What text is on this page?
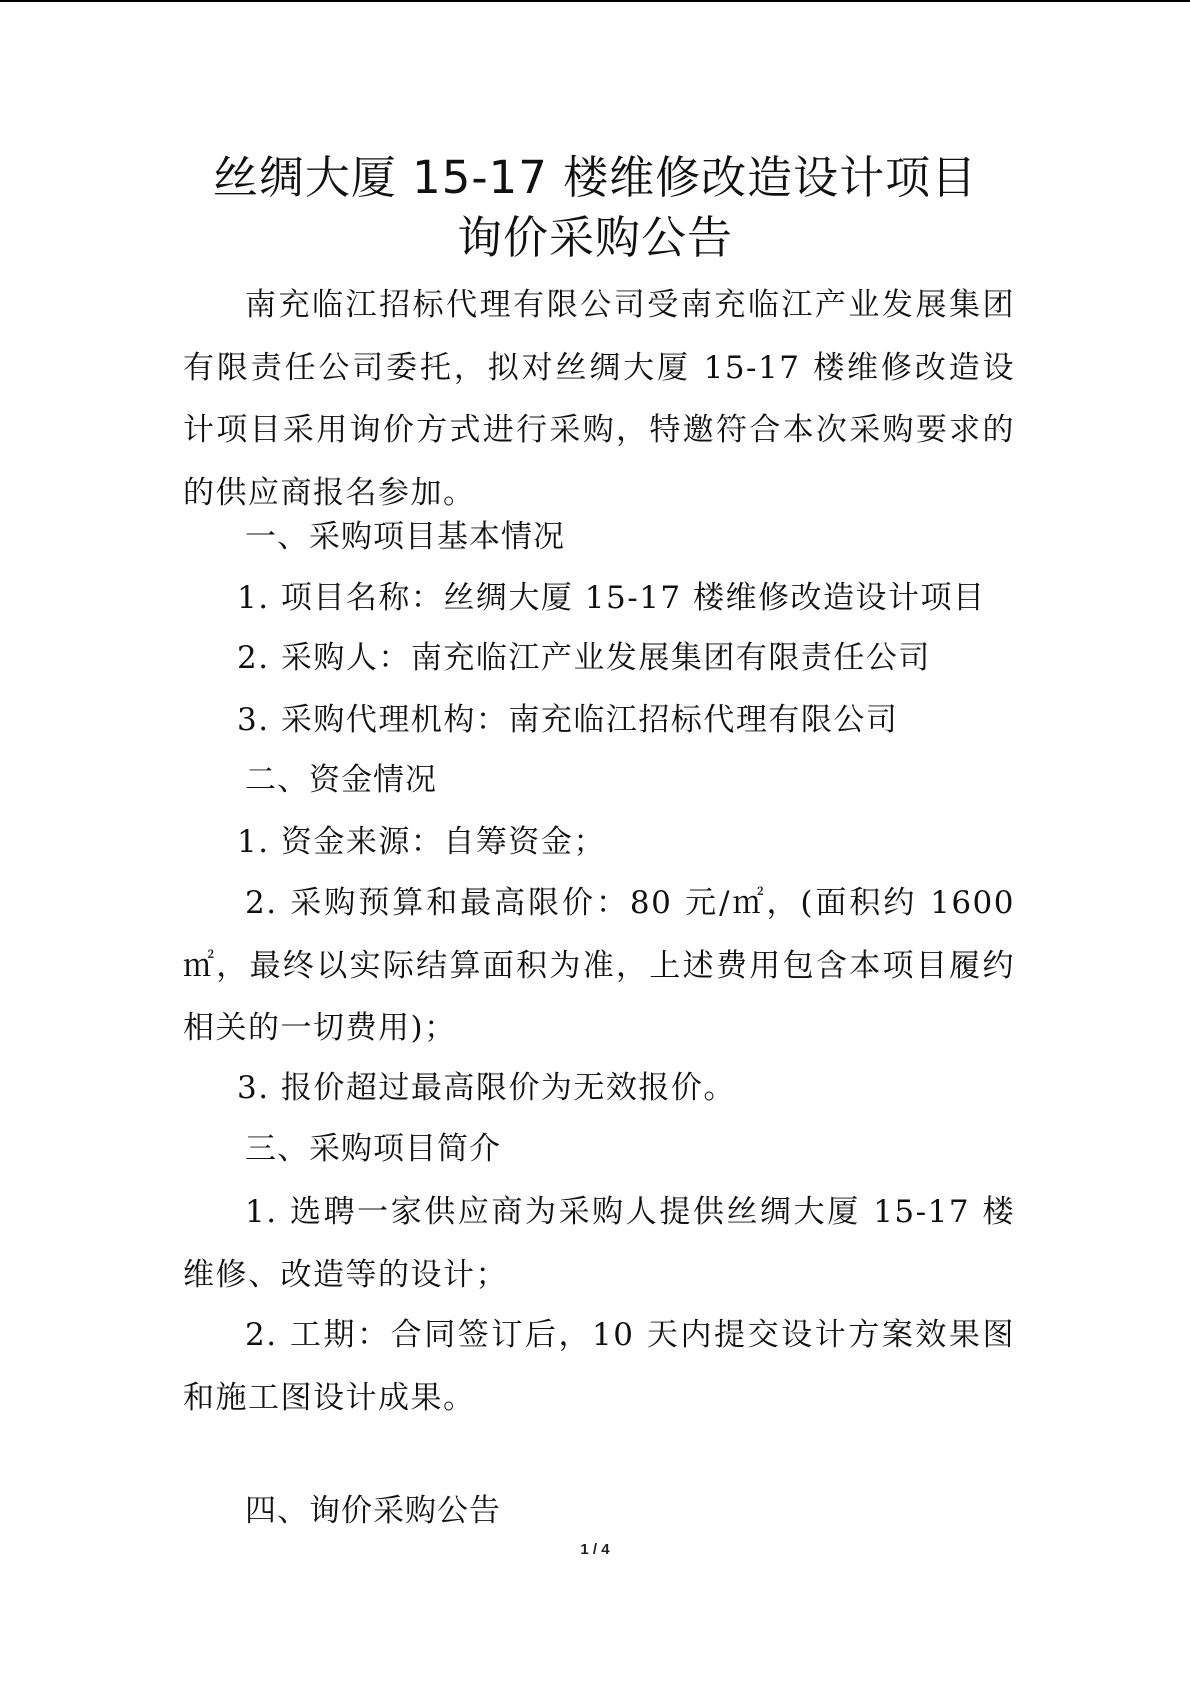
丝绸大厦 15-17 楼维修改造设计项目
询价采购公告

南充临江招标代理有限公司受南充临江产业发展集团有限责任公司委托，拟对丝绸大厦 15-17 楼维修改造设计项目采用询价方式进行采购，特邀符合本次采购要求的的供应商报名参加。

一、采购项目基本情况
1. 项目名称：丝绸大厦 15-17 楼维修改造设计项目
2. 采购人：南充临江产业发展集团有限责任公司
3. 采购代理机构：南充临江招标代理有限公司
二、资金情况
1. 资金来源：自筹资金；

2. 采购预算和最高限价：80 元/㎡，(面积约 1600 ㎡，最终以实际结算面积为准，上述费用包含本项目履约相关的一切费用)；

3. 报价超过最高限价为无效报价。
三、采购项目简介

1. 选聘一家供应商为采购人提供丝绸大厦 15-17 楼维修、改造等的设计；

2. 工期：合同签订后，10 天内提交设计方案效果图和施工图设计成果。

四、询价采购公告
1 / 4
